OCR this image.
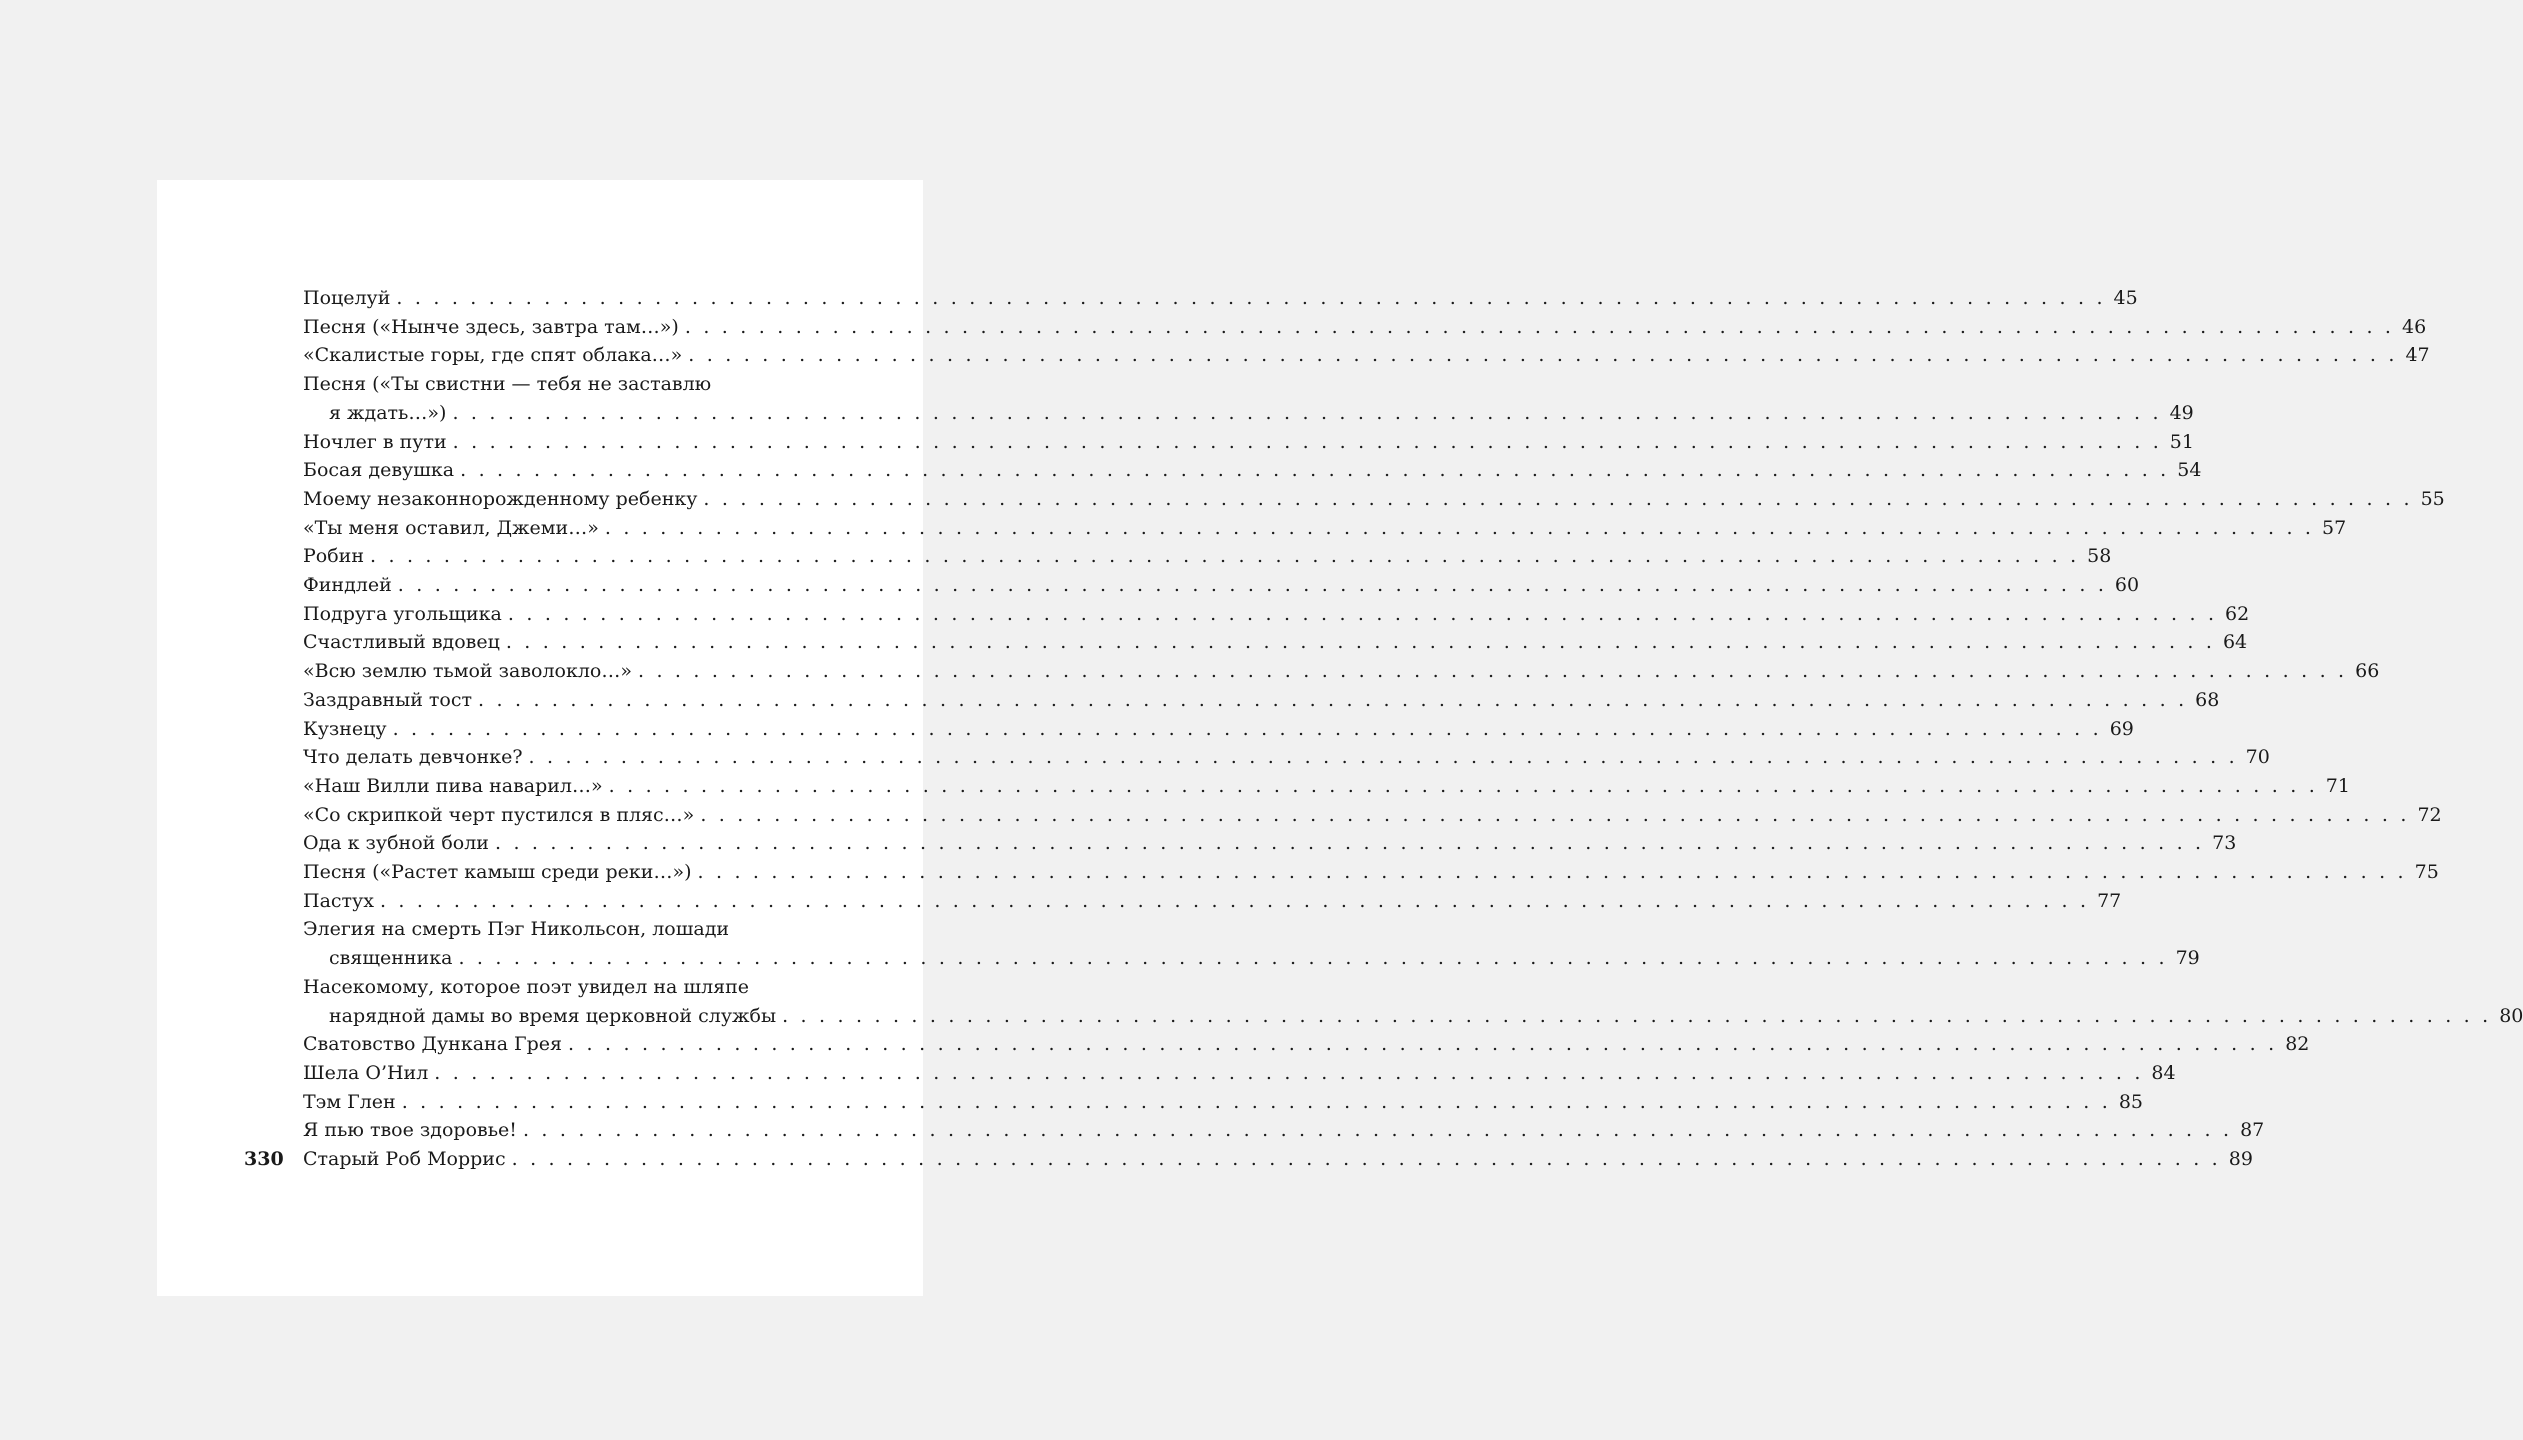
Поцелуй . . . . . . . . . . . . . . . . . . . . . . . . . . . . . . . . . . . . . . . . . . . . . . . . . . . . . . . . . . . . . . . . . . . . . . . . . . . . . . . . . . . . . . . . . . . . . 45
Песня («Нынче здесь, завтра там…») . . . . . . . . . . . . . . . . . . . . . . . . . . . . . . . . . . . . . . . . . . . . . . . . . . . . . . . . . . . . . . . . . . . . . . . . . . . . . . . . . . . . . . . . . . . . . 46
«Скалистые горы, где спят облака…» . . . . . . . . . . . . . . . . . . . . . . . . . . . . . . . . . . . . . . . . . . . . . . . . . . . . . . . . . . . . . . . . . . . . . . . . . . . . . . . . . . . . . . . . . . . . . 47
Песня («Ты свистни — тебя не заставлю
я ждать…») . . . . . . . . . . . . . . . . . . . . . . . . . . . . . . . . . . . . . . . . . . . . . . . . . . . . . . . . . . . . . . . . . . . . . . . . . . . . . . . . . . . . . . . . . . . . . 49
Ночлег в пути . . . . . . . . . . . . . . . . . . . . . . . . . . . . . . . . . . . . . . . . . . . . . . . . . . . . . . . . . . . . . . . . . . . . . . . . . . . . . . . . . . . . . . . . . . . . . 51
Босая девушка . . . . . . . . . . . . . . . . . . . . . . . . . . . . . . . . . . . . . . . . . . . . . . . . . . . . . . . . . . . . . . . . . . . . . . . . . . . . . . . . . . . . . . . . . . . . . 54
Моему незаконнорожденному ребенку . . . . . . . . . . . . . . . . . . . . . . . . . . . . . . . . . . . . . . . . . . . . . . . . . . . . . . . . . . . . . . . . . . . . . . . . . . . . . . . . . . . . . . . . . . . . . 55
«Ты меня оставил, Джеми…» . . . . . . . . . . . . . . . . . . . . . . . . . . . . . . . . . . . . . . . . . . . . . . . . . . . . . . . . . . . . . . . . . . . . . . . . . . . . . . . . . . . . . . . . . . . . . 57
Робин . . . . . . . . . . . . . . . . . . . . . . . . . . . . . . . . . . . . . . . . . . . . . . . . . . . . . . . . . . . . . . . . . . . . . . . . . . . . . . . . . . . . . . . . . . . . . 58
Финдлей . . . . . . . . . . . . . . . . . . . . . . . . . . . . . . . . . . . . . . . . . . . . . . . . . . . . . . . . . . . . . . . . . . . . . . . . . . . . . . . . . . . . . . . . . . . . . 60
Подруга угольщика . . . . . . . . . . . . . . . . . . . . . . . . . . . . . . . . . . . . . . . . . . . . . . . . . . . . . . . . . . . . . . . . . . . . . . . . . . . . . . . . . . . . . . . . . . . . . 62
Счастливый вдовец . . . . . . . . . . . . . . . . . . . . . . . . . . . . . . . . . . . . . . . . . . . . . . . . . . . . . . . . . . . . . . . . . . . . . . . . . . . . . . . . . . . . . . . . . . . . . 64
«Всю землю тьмой заволокло…» . . . . . . . . . . . . . . . . . . . . . . . . . . . . . . . . . . . . . . . . . . . . . . . . . . . . . . . . . . . . . . . . . . . . . . . . . . . . . . . . . . . . . . . . . . . . . 66
Заздравный тост . . . . . . . . . . . . . . . . . . . . . . . . . . . . . . . . . . . . . . . . . . . . . . . . . . . . . . . . . . . . . . . . . . . . . . . . . . . . . . . . . . . . . . . . . . . . . 68
Кузнецу . . . . . . . . . . . . . . . . . . . . . . . . . . . . . . . . . . . . . . . . . . . . . . . . . . . . . . . . . . . . . . . . . . . . . . . . . . . . . . . . . . . . . . . . . . . . . 69
Что делать девчонке? . . . . . . . . . . . . . . . . . . . . . . . . . . . . . . . . . . . . . . . . . . . . . . . . . . . . . . . . . . . . . . . . . . . . . . . . . . . . . . . . . . . . . . . . . . . . . 70
«Наш Вилли пива наварил…» . . . . . . . . . . . . . . . . . . . . . . . . . . . . . . . . . . . . . . . . . . . . . . . . . . . . . . . . . . . . . . . . . . . . . . . . . . . . . . . . . . . . . . . . . . . . . 71
«Со скрипкой черт пустился в пляс…» . . . . . . . . . . . . . . . . . . . . . . . . . . . . . . . . . . . . . . . . . . . . . . . . . . . . . . . . . . . . . . . . . . . . . . . . . . . . . . . . . . . . . . . . . . . . . 72
Ода к зубной боли . . . . . . . . . . . . . . . . . . . . . . . . . . . . . . . . . . . . . . . . . . . . . . . . . . . . . . . . . . . . . . . . . . . . . . . . . . . . . . . . . . . . . . . . . . . . . 73
Песня («Растет камыш среди реки…») . . . . . . . . . . . . . . . . . . . . . . . . . . . . . . . . . . . . . . . . . . . . . . . . . . . . . . . . . . . . . . . . . . . . . . . . . . . . . . . . . . . . . . . . . . . . . 75
Пастух . . . . . . . . . . . . . . . . . . . . . . . . . . . . . . . . . . . . . . . . . . . . . . . . . . . . . . . . . . . . . . . . . . . . . . . . . . . . . . . . . . . . . . . . . . . . . 77
Элегия на смерть Пэг Никольсон, лошади
священника . . . . . . . . . . . . . . . . . . . . . . . . . . . . . . . . . . . . . . . . . . . . . . . . . . . . . . . . . . . . . . . . . . . . . . . . . . . . . . . . . . . . . . . . . . . . . 79
Насекомому, которое поэт увидел на шляпе
нарядной дамы во время церковной службы . . . . . . . . . . . . . . . . . . . . . . . . . . . . . . . . . . . . . . . . . . . . . . . . . . . . . . . . . . . . . . . . . . . . . . . . . . . . . . . . . . . . . . . . . . . . . 80
Сватовство Дункана Грея . . . . . . . . . . . . . . . . . . . . . . . . . . . . . . . . . . . . . . . . . . . . . . . . . . . . . . . . . . . . . . . . . . . . . . . . . . . . . . . . . . . . . . . . . . . . . 82
Шела О’Нил . . . . . . . . . . . . . . . . . . . . . . . . . . . . . . . . . . . . . . . . . . . . . . . . . . . . . . . . . . . . . . . . . . . . . . . . . . . . . . . . . . . . . . . . . . . . . 84
Тэм Глен . . . . . . . . . . . . . . . . . . . . . . . . . . . . . . . . . . . . . . . . . . . . . . . . . . . . . . . . . . . . . . . . . . . . . . . . . . . . . . . . . . . . . . . . . . . . . 85
Я пью твое здоровье! . . . . . . . . . . . . . . . . . . . . . . . . . . . . . . . . . . . . . . . . . . . . . . . . . . . . . . . . . . . . . . . . . . . . . . . . . . . . . . . . . . . . . . . . . . . . . 87
Старый Роб Моррис . . . . . . . . . . . . . . . . . . . . . . . . . . . . . . . . . . . . . . . . . . . . . . . . . . . . . . . . . . . . . . . . . . . . . . . . . . . . . . . . . . . . . . . . . . . . . 89
330
